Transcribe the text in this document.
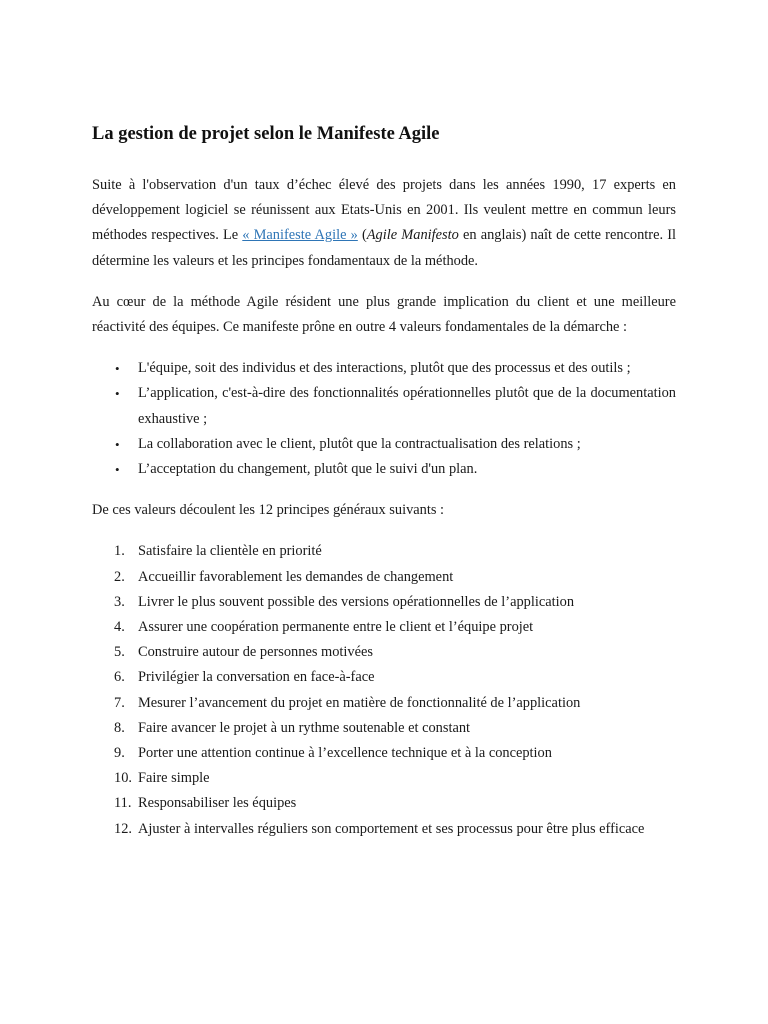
La gestion de projet selon le Manifeste Agile

Suite à l'observation d'un taux d’échec élevé des projets dans les années 1990, 17 experts en développement logiciel se réunissent aux Etats-Unis en 2001. Ils veulent mettre en commun leurs méthodes respectives. Le « Manifeste Agile » (Agile Manifesto en anglais) naît de cette rencontre. Il détermine les valeurs et les principes fondamentaux de la méthode.

Au cœur de la méthode Agile résident une plus grande implication du client et une meilleure réactivité des équipes. Ce manifeste prône en outre 4 valeurs fondamentales de la démarche :

• L'équipe, soit des individus et des interactions, plutôt que des processus et des outils ;
• L’application, c'est-à-dire des fonctionnalités opérationnelles plutôt que de la documentation exhaustive ;
• La collaboration avec le client, plutôt que la contractualisation des relations ;
• L’acceptation du changement, plutôt que le suivi d'un plan.

De ces valeurs découlent les 12 principes généraux suivants :

1. Satisfaire la clientèle en priorité
2. Accueillir favorablement les demandes de changement
3. Livrer le plus souvent possible des versions opérationnelles de l’application
4. Assurer une coopération permanente entre le client et l’équipe projet
5. Construire autour de personnes motivées
6. Privilégier la conversation en face-à-face
7. Mesurer l’avancement du projet en matière de fonctionnalité de l’application
8. Faire avancer le projet à un rythme soutenable et constant
9. Porter une attention continue à l’excellence technique et à la conception
10. Faire simple
11. Responsabiliser les équipes
12. Ajuster à intervalles réguliers son comportement et ses processus pour être plus efficace
